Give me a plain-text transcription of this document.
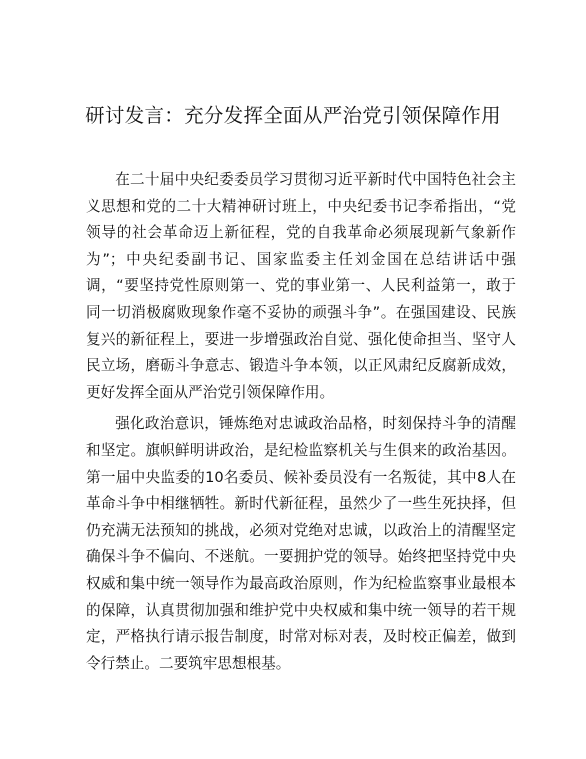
研讨发言：充分发挥全面从严治党引领保障作用

在二十届中央纪委委员学习贯彻习近平新时代中国特色社会主义思想和党的二十大精神研讨班上，中央纪委书记李希指出，“党领导的社会革命迈上新征程，党的自我革命必须展现新气象新作为”；中央纪委副书记、国家监委主任刘金国在总结讲话中强调，“要坚持党性原则第一、党的事业第一、人民利益第一，敢于同一切消极腐败现象作毫不妥协的顽强斗争”。在强国建设、民族复兴的新征程上，要进一步增强政治自觉、强化使命担当、坚守人民立场，磨砺斗争意志、锻造斗争本领，以正风肃纪反腐新成效，更好发挥全面从严治党引领保障作用。

强化政治意识，锤炼绝对忠诚政治品格，时刻保持斗争的清醒和坚定。旗帜鲜明讲政治，是纪检监察机关与生俱来的政治基因。第一届中央监委的10名委员、候补委员没有一名叛徒，其中8人在革命斗争中相继牺牲。新时代新征程，虽然少了一些生死抉择，但仍充满无法预知的挑战，必须对党绝对忠诚，以政治上的清醒坚定确保斗争不偏向、不迷航。一要拥护党的领导。始终把坚持党中央权威和集中统一领导作为最高政治原则，作为纪检监察事业最根本的保障，认真贯彻加强和维护党中央权威和集中统一领导的若干规定，严格执行请示报告制度，时常对标对表，及时校正偏差，做到令行禁止。二要筑牢思想根基。
